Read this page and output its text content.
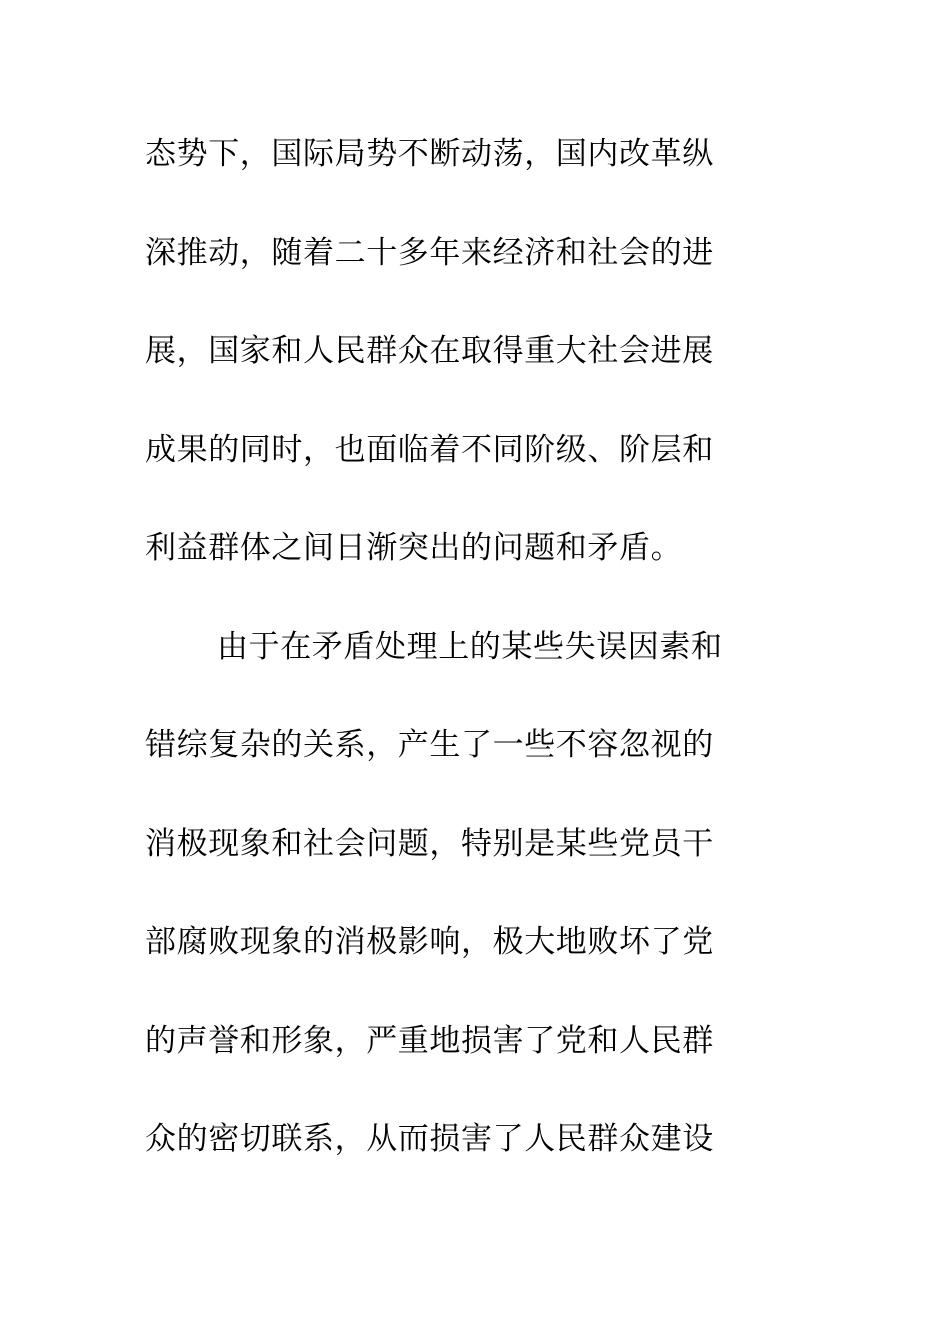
态势下，国际局势不断动荡，国内改革纵
深推动，随着二十多年来经济和社会的进
展，国家和人民群众在取得重大社会进展
成果的同时，也面临着不同阶级、阶层和
利益群体之间日渐突出的问题和矛盾。
由于在矛盾处理上的某些失误因素和
错综复杂的关系，产生了一些不容忽视的
消极现象和社会问题，特别是某些党员干
部腐败现象的消极影响，极大地败坏了党
的声誉和形象，严重地损害了党和人民群
众的密切联系，从而损害了人民群众建设
